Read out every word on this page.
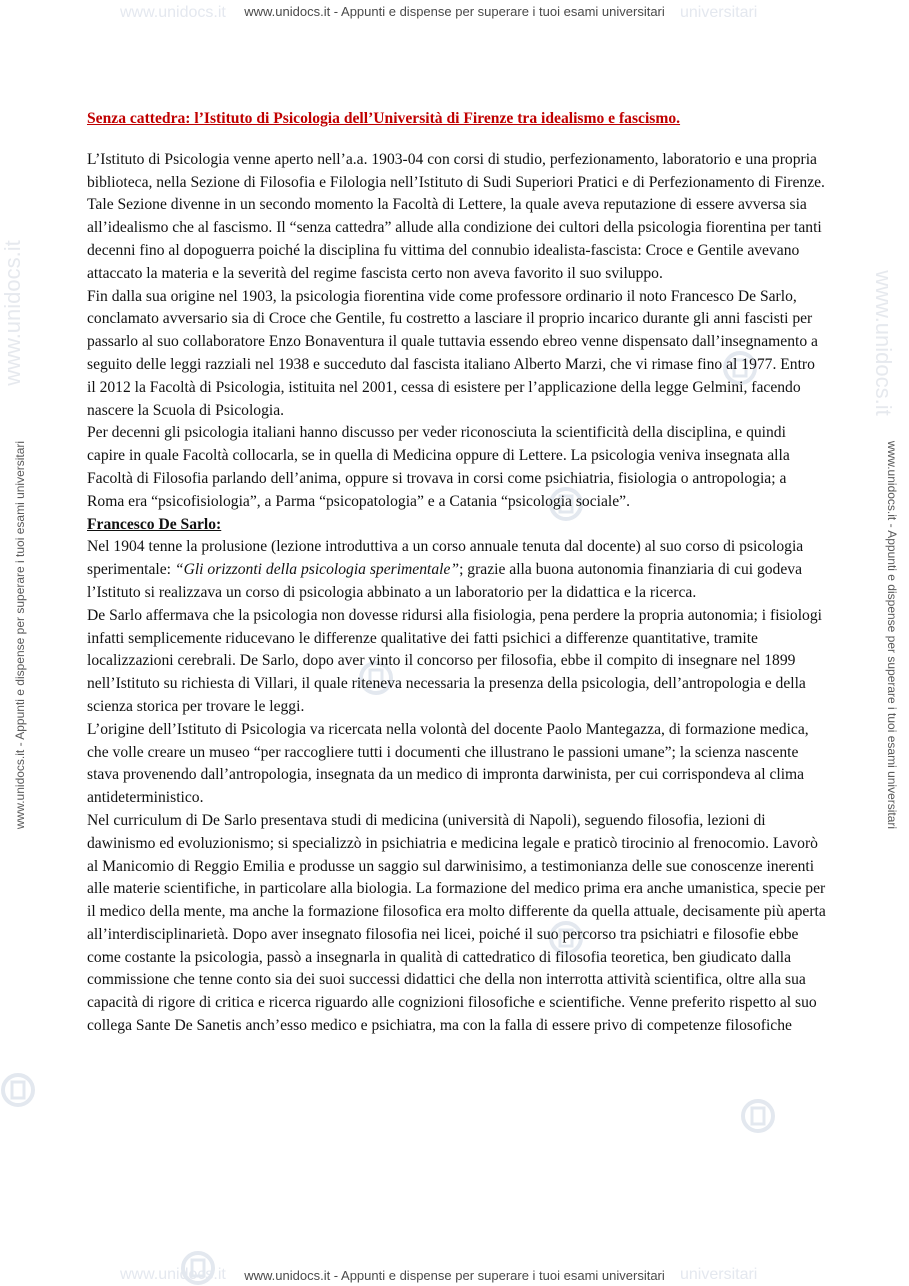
www.unidocs.it	universitari
www.unidocs.it	universitari
www.unidocs.it	www.unidocs.it
www.unidocs.it - Appunti e dispense per superare i tuoi esami universitari
www.unidocs.it - Appunti e dispense per superare i tuoi esami universitari
www.unidocs.it - Appunti e dispense per superare i tuoi esami universitari	www.unidocs.it - Appunti e dispense per superare i tuoi esami universitari
Senza cattedra: l’Istituto di Psicologia dell’Università di Firenze tra idealismo e fascismo.

L’Istituto di Psicologia venne aperto nell’a.a. 1903-04 con corsi di studio, perfezionamento, laboratorio e una propria biblioteca, nella Sezione di Filosofia e Filologia nell’Istituto di Sudi Superiori Pratici e di Perfezionamento di Firenze. Tale Sezione divenne in un secondo momento la Facoltà di Lettere, la quale aveva reputazione di essere avversa sia all’idealismo che al fascismo. Il “senza cattedra” allude alla condizione dei cultori della psicologia fiorentina per tanti decenni fino al dopoguerra poiché la disciplina fu vittima del connubio idealista-fascista: Croce e Gentile avevano attaccato la materia e la severità del regime fascista certo non aveva favorito il suo sviluppo.

Fin dalla sua origine nel 1903, la psicologia fiorentina vide come professore ordinario il noto Francesco De Sarlo, conclamato avversario sia di Croce che Gentile, fu costretto a lasciare il proprio incarico durante gli anni fascisti per passarlo al suo collaboratore Enzo Bonaventura il quale tuttavia essendo ebreo venne dispensato dall’insegnamento a seguito delle leggi razziali nel 1938 e succeduto dal fascista italiano Alberto Marzi, che vi rimase fino al 1977. Entro il 2012 la Facoltà di Psicologia, istituita nel 2001, cessa di esistere per l’applicazione della legge Gelmini, facendo nascere la Scuola di Psicologia.

Per decenni gli psicologia italiani hanno discusso per veder riconosciuta la scientificità della disciplina, e quindi capire in quale Facoltà collocarla, se in quella di Medicina oppure di Lettere. La psicologia veniva insegnata alla Facoltà di Filosofia parlando dell’anima, oppure si trovava in corsi come psichiatria, fisiologia o antropologia; a Roma era “psicofisiologia”, a Parma “psicopatologia” e a Catania “psicologia sociale”.

Francesco De Sarlo:

Nel 1904 tenne la prolusione (lezione introduttiva a un corso annuale tenuta dal docente) al suo corso di psicologia sperimentale: “Gli orizzonti della psicologia sperimentale”; grazie alla buona autonomia finanziaria di cui godeva l’Istituto si realizzava un corso di psicologia abbinato a un laboratorio per la didattica e la ricerca.

De Sarlo affermava che la psicologia non dovesse ridursi alla fisiologia, pena perdere la propria autonomia; i fisiologi infatti semplicemente riducevano le differenze qualitative dei fatti psichici a differenze quantitative, tramite localizzazioni cerebrali. De Sarlo, dopo aver vinto il concorso per filosofia, ebbe il compito di insegnare nel 1899 nell’Istituto su richiesta di Villari, il quale riteneva necessaria la presenza della psicologia, dell’antropologia e della scienza storica per trovare le leggi.

L’origine dell’Istituto di Psicologia va ricercata nella volontà del docente Paolo Mantegazza, di formazione medica, che volle creare un museo “per raccogliere tutti i documenti che illustrano le passioni umane”; la scienza nascente stava provenendo dall’antropologia, insegnata da un medico di impronta darwinista, per cui corrispondeva al clima antideterministico.

Nel curriculum di De Sarlo presentava studi di medicina (università di Napoli), seguendo filosofia, lezioni di dawinismo ed evoluzionismo; si specializzò in psichiatria e medicina legale e praticò tirocinio al frenocomio. Lavorò al Manicomio di Reggio Emilia e produsse un saggio sul darwinisimo, a testimonianza delle sue conoscenze inerenti alle materie scientifiche, in particolare alla biologia. La formazione del medico prima era anche umanistica, specie per il medico della mente, ma anche la formazione filosofica era molto differente da quella attuale, decisamente più aperta all’interdisciplinarietà. Dopo aver insegnato filosofia nei licei, poiché il suo percorso tra psichiatri e filosofie ebbe come costante la psicologia, passò a insegnarla in qualità di cattedratico di filosofia teoretica, ben giudicato dalla commissione che tenne conto sia dei suoi successi didattici che della non interrotta attività scientifica, oltre alla sua capacità di rigore di critica e ricerca riguardo alle cognizioni filosofiche e scientifiche. Venne preferito rispetto al suo collega Sante De Sanetis anch’esso medico e psichiatra, ma con la falla di essere privo di competenze filosofiche
